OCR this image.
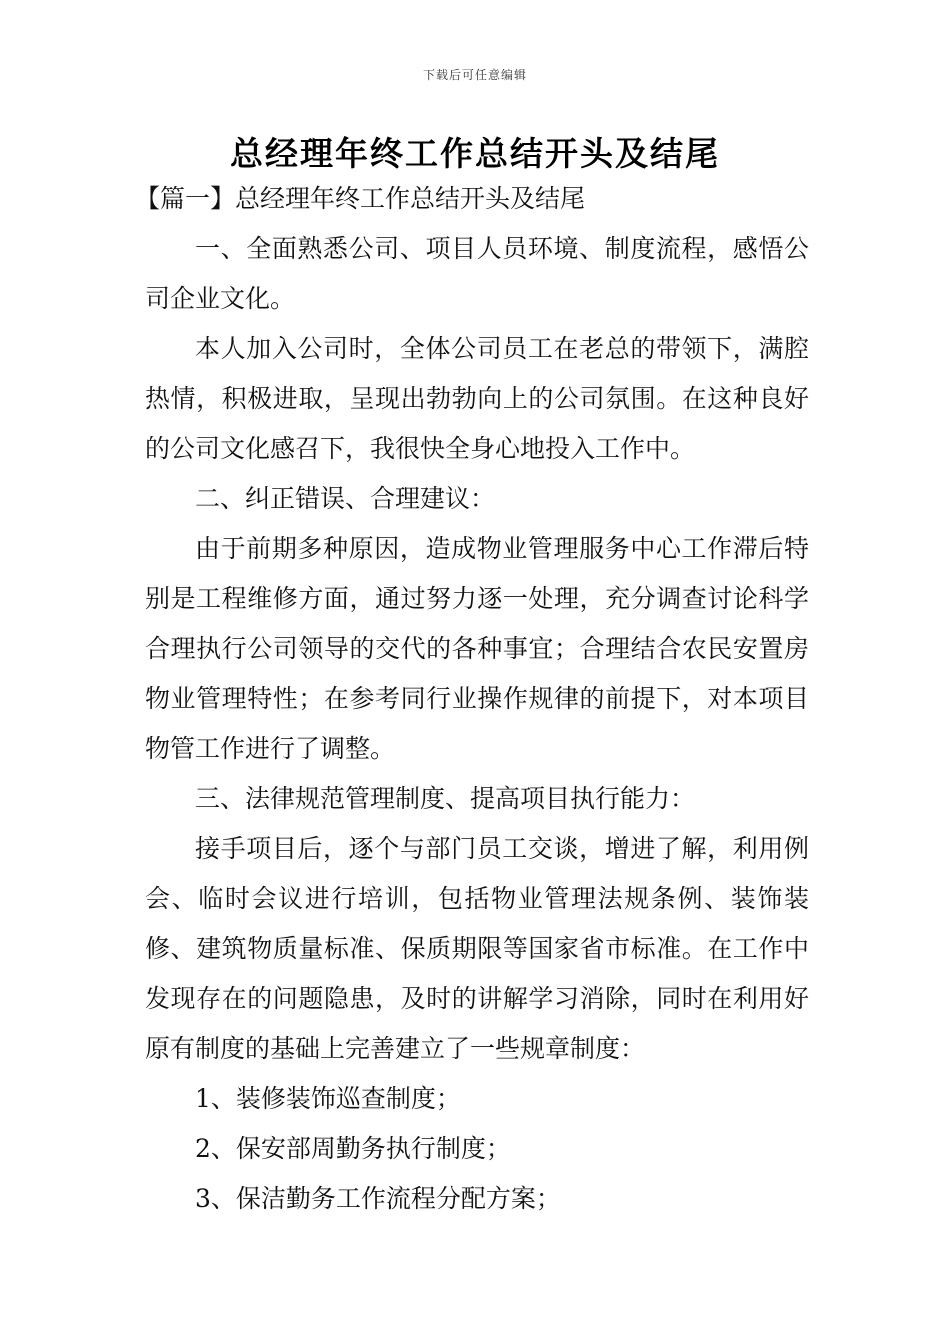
下载后可任意编辑
总经理年终工作总结开头及结尾

【篇一】总经理年终工作总结开头及结尾

一、全面熟悉公司、项目人员环境、制度流程，感悟公司企业文化。

本人加入公司时，全体公司员工在老总的带领下，满腔热情，积极进取，呈现出勃勃向上的公司氛围。在这种良好的公司文化感召下，我很快全身心地投入工作中。

二、纠正错误、合理建议：

由于前期多种原因，造成物业管理服务中心工作滞后特别是工程维修方面，通过努力逐一处理，充分调查讨论科学合理执行公司领导的交代的各种事宜；合理结合农民安置房物业管理特性；在参考同行业操作规律的前提下，对本项目物管工作进行了调整。

三、法律规范管理制度、提高项目执行能力：

接手项目后，逐个与部门员工交谈，增进了解，利用例会、临时会议进行培训，包括物业管理法规条例、装饰装修、建筑物质量标准、保质期限等国家省市标准。在工作中发现存在的问题隐患，及时的讲解学习消除，同时在利用好原有制度的基础上完善建立了一些规章制度：

1、装修装饰巡查制度；

2、保安部周勤务执行制度；

3、保洁勤务工作流程分配方案；
